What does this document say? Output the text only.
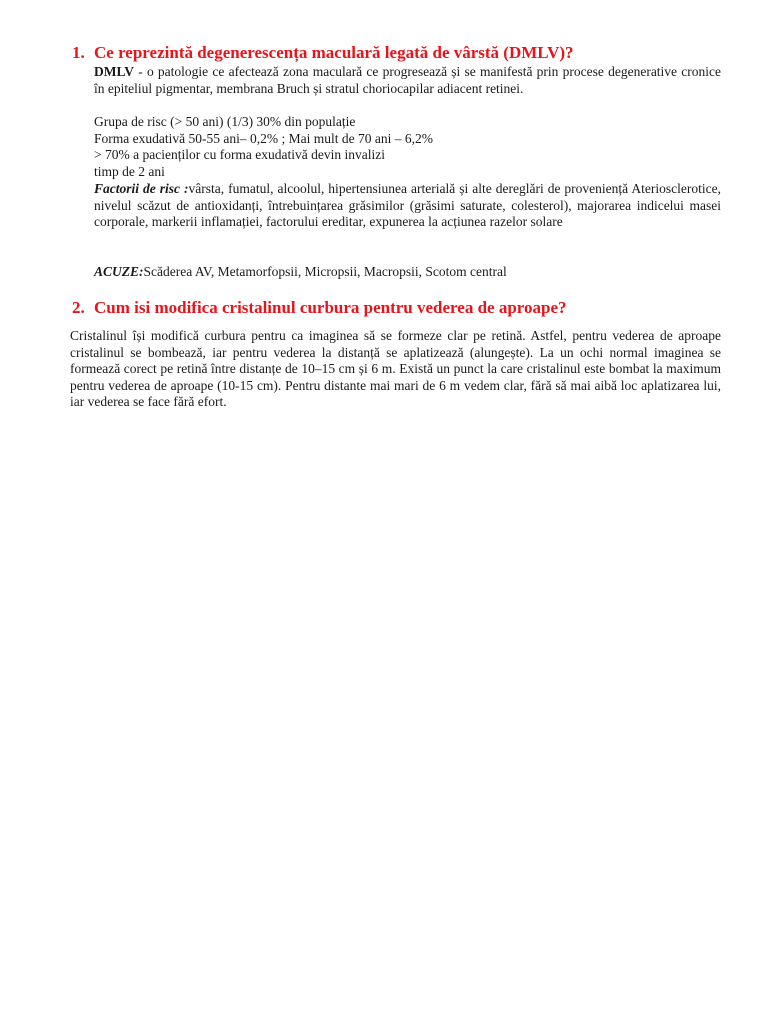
1. Ce reprezintă degenerescența maculară legată de vârstă (DMLV)?
DMLV - o patologie ce afectează zona maculară ce progresează și se manifestă prin procese degenerative cronice în epiteliul pigmentar, membrana Bruch și stratul choriocapilar adiacent retinei.
Grupa de risc (> 50 ani) (1/3) 30% din populație
Forma exudativă 50-55 ani– 0,2% ; Mai mult de 70 ani – 6,2%
> 70% a pacienților cu forma exudativă devin invalizi
timp de 2 ani
Factorii de risc :vârsta, fumatul, alcoolul, hipertensiunea arterială și alte dereglări de proveniență Aterioscleroticе, nivelul scăzut de antioxidanți, întrebuințarea grăsimilor (grăsimi saturate, colesterol), majorarea indicelui masei corporale, markerii inflamației, factorului ereditar, expunerea la acțiunea razelor solare
ACUZE:Scăderea AV, Metamorfopsii, Micropsii, Macropsii, Scotom central
2. Cum isi modifica cristalinul curbura pentru vederea de aproape?
Cristalinul își modifică curbura pentru ca imaginea să se formeze clar pe retină. Astfel, pentru vederea de aproape cristalinul se bombează, iar pentru vederea la distanță se aplatizează (alungește). La un ochi normal imaginea se formează corect pe retină între distanțe de 10–15 cm și 6 m. Există un punct la care cristalinul este bombat la maximum pentru vederea de aproape (10-15 cm). Pentru distante mai mari de 6 m vedem clar, fără să mai aibă loc aplatizarea lui, iar vederea se face fără efort.
